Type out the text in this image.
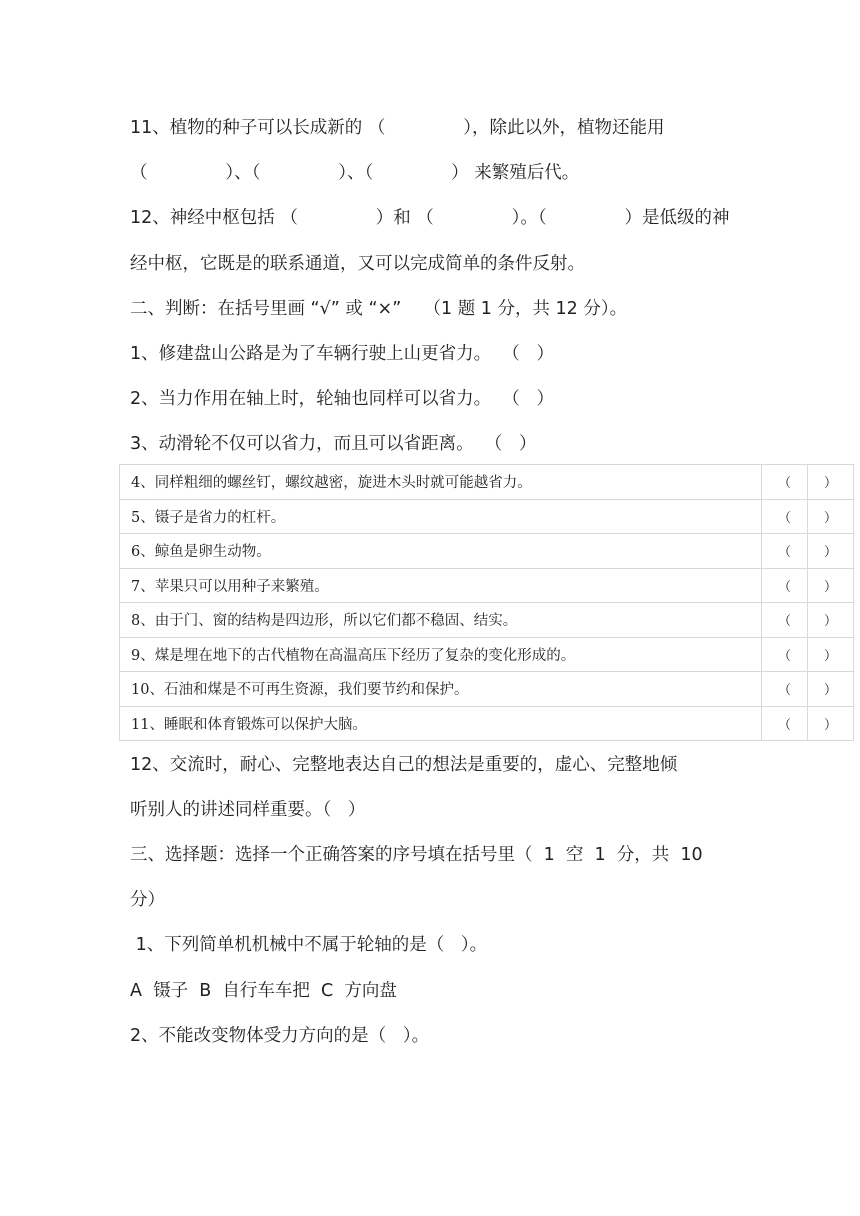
11、植物的种子可以长成新的 （              ），除此以外，植物还能用
（              ）、（              ）、（              ） 来繁殖后代。
12、神经中枢包括 （              ）和 （              ）。（              ）是低级的神
经中枢，它既是的联系通道，又可以完成简单的条件反射。
二、判断：在括号里画 “√” 或 “×”    （1 题 1 分，共 12 分）。
1、修建盘山公路是为了车辆行驶上山更省力。  （   ）
2、当力作用在轴上时，轮轴也同样可以省力。  （   ）
3、动滑轮不仅可以省力，而且可以省距离。  （   ）
4、同样粗细的螺丝钉，螺纹越密，旋进木头时就可能越省力。	（	）
5、镊子是省力的杠杆。	（	）
6、鲸鱼是卵生动物。	（	）
7、苹果只可以用种子来繁殖。	（	）
8、由于门、窗的结构是四边形，所以它们都不稳固、结实。	（	）
9、煤是埋在地下的古代植物在高温高压下经历了复杂的变化形成的。	（	）
10、石油和煤是不可再生资源，我们要节约和保护。	（	）
11、睡眠和体育锻炼可以保护大脑。	（	）
12、交流时，耐心、完整地表达自己的想法是重要的，虚心、完整地倾
听别人的讲述同样重要。（   ）
三、选择题：选择一个正确答案的序号填在括号里（  1  空  1  分，共  10
分）
1、下列简单机机械中不属于轮轴的是（   ）。
A  镊子  B  自行车车把  C  方向盘
2、不能改变物体受力方向的是（   ）。
